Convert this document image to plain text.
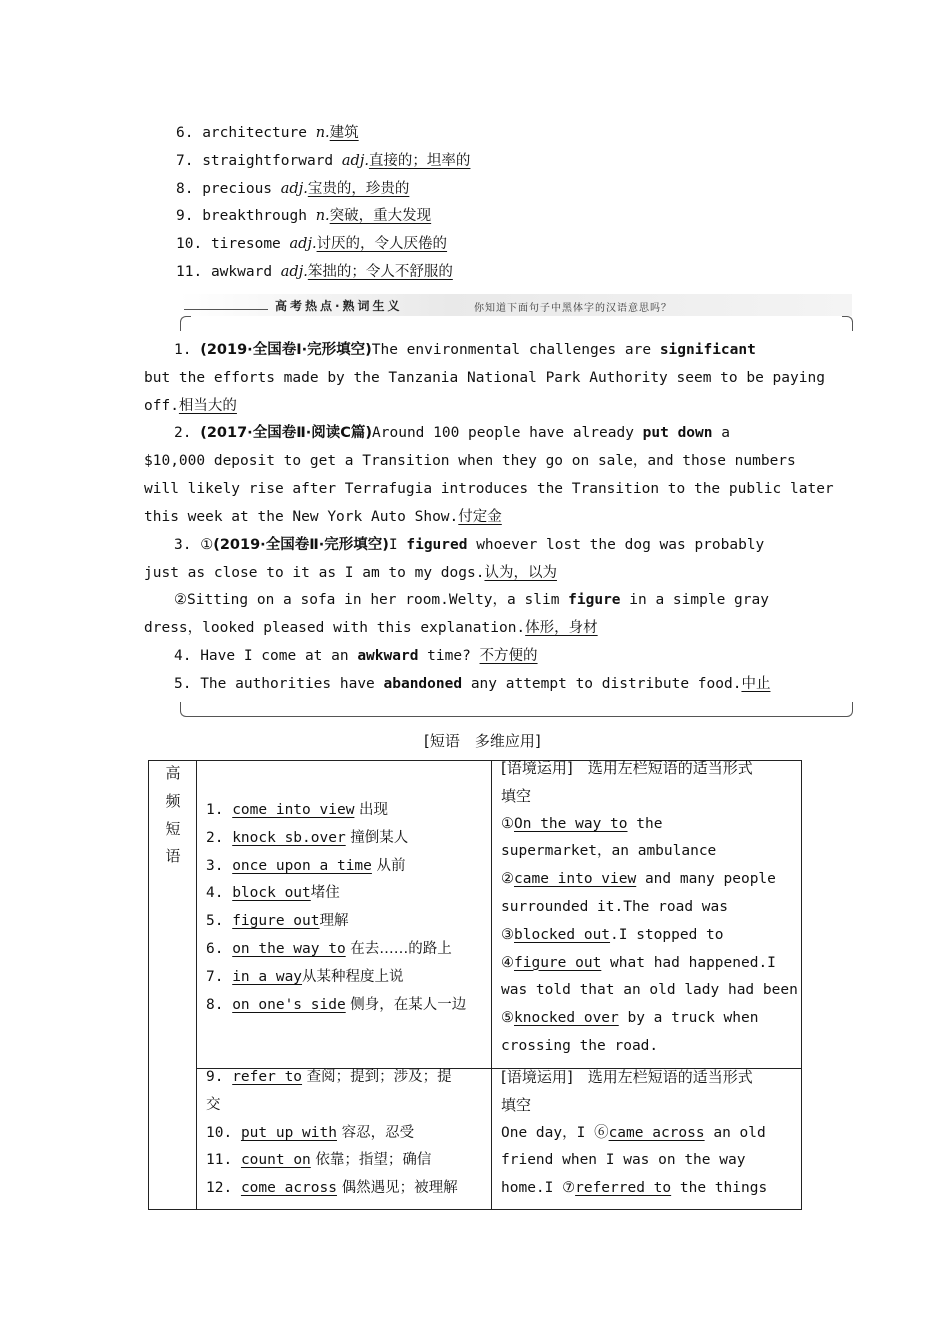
6. architecture n.建筑
7. straightforward adj.直接的；坦率的
8. precious adj.宝贵的，珍贵的
9. breakthrough n.突破，重大发现
10. tiresome adj.讨厌的，令人厌倦的
11. awkward adj.笨拙的；令人不舒服的
高考热点·熟词生义	你知道下面句子中黑体字的汉语意思吗？
1. (2019·全国卷Ⅰ·完形填空)The environmental challenges are significant
but the efforts made by the Tanzania National Park Authority seem to be paying
off.相当大的
2. (2017·全国卷Ⅱ·阅读C篇)Around 100 people have already put down a
$10,000 deposit to get a Transition when they go on sale，and those numbers
will likely rise after Terrafugia introduces the Transition to the public later
this week at the New York Auto Show.付定金
3. ①(2019·全国卷Ⅱ·完形填空)I figured whoever lost the dog was probably
just as close to it as I am to my dogs.认为，以为
②Sitting on a sofa in her room.Welty，a slim figure in a simple gray
dress，looked pleased with this explanation.体形，身材
4. Have I come at an awkward time? 不方便的
5. The authorities have abandoned any attempt to distribute food.中止
[短语　多维应用]
高
频
短
语
1. come into view 出现
2. knock sb.over 撞倒某人
3. once upon a time 从前
4. block out堵住
5. figure out理解
6. on the way to 在去……的路上
7. in a way从某种程度上说
8. on one's side 侧身，在某人一边
9. refer to 查阅；提到；涉及；提
交
10. put up with 容忍，忍受
11. count on 依靠；指望；确信
12. come across 偶然遇见；被理解
[语境运用]　选用左栏短语的适当形式
填空
①On the way to the
supermarket，an ambulance
②came into view and many people
surrounded it.The road was
③blocked out.I stopped to
④figure out what had happened.I
was told that an old lady had been
⑤knocked over by a truck when
crossing the road.
[语境运用]　选用左栏短语的适当形式
填空
One day，I ⑥came across an old
friend when I was on the way
home.I ⑦referred to the things
